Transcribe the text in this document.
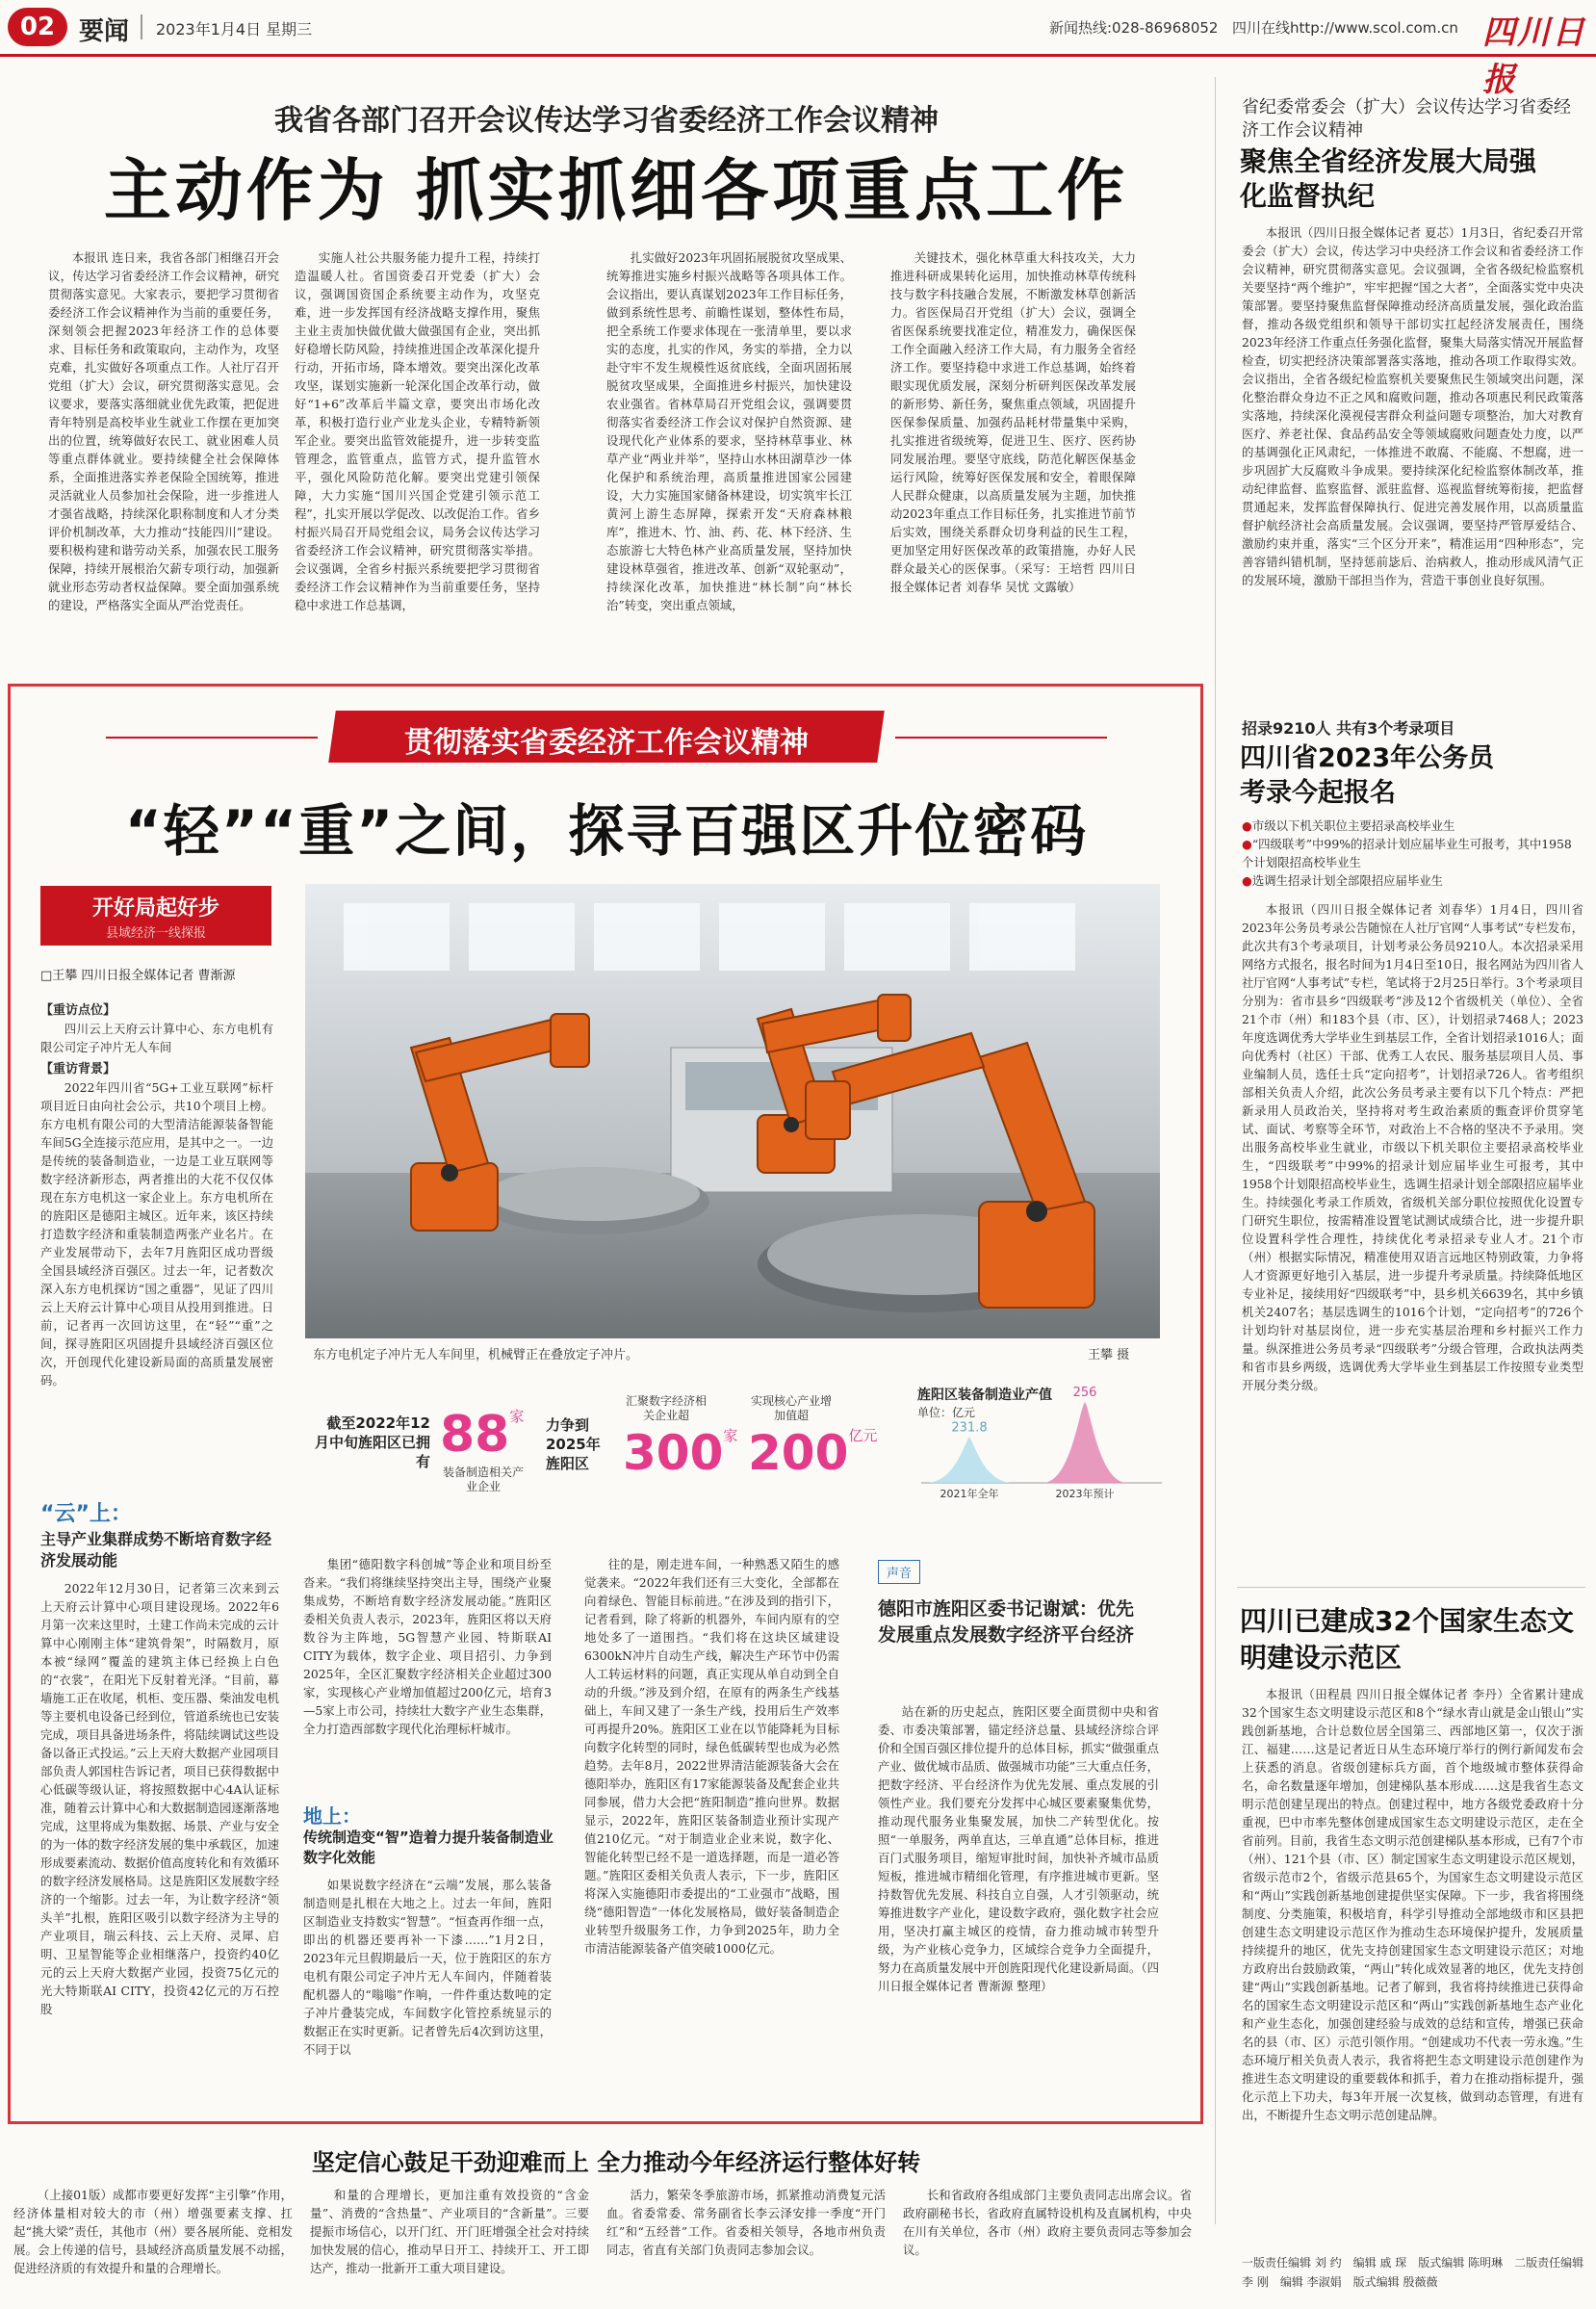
02 要闻 2023年1月4日 星期三	新闻热线:028-86968052 四川在线http://www.scol.com.cn 四川日报
我省各部门召开会议传达学习省委经济工作会议精神
主动作为 抓实抓细各项重点工作

本报讯 连日来，我省各部门相继召开会议，传达学习省委经济工作会议精神，研究贯彻落实意见。大家表示，要把学习贯彻省委经济工作会议精神作为当前的重要任务，深刻领会把握2023年经济工作的总体要求、目标任务和政策取向，主动作为，攻坚克难，扎实做好各项重点工作。人社厅召开党组（扩大）会议，研究贯彻落实意见。会议要求，要落实落细就业优先政策，把促进青年特别是高校毕业生就业工作摆在更加突出的位置，统筹做好农民工、就业困难人员等重点群体就业。要持续健全社会保障体系，全面推进落实养老保险全国统筹，推进灵活就业人员参加社会保险，进一步推进人才强省战略，持续深化职称制度和人才分类评价机制改革，大力推动“技能四川”建设。要积极构建和谐劳动关系，加强农民工服务保障，持续开展根治欠薪专项行动，加强新就业形态劳动者权益保障。要全面加强系统的建设，严格落实全面从严治党责任。

实施人社公共服务能力提升工程，持续打造温暖人社。省国资委召开党委（扩大）会议，强调国资国企系统要主动作为，攻坚克难，进一步发挥国有经济战略支撑作用，聚焦主业主责加快做优做大做强国有企业，突出抓好稳增长防风险，持续推进国企改革深化提升行动，开拓市场，降本增效。要突出深化改革攻坚，谋划实施新一轮深化国企改革行动，做好“1+6”改革后半篇文章，要突出市场化改革，积极打造行业产业龙头企业，专精特新领军企业。要突出监管效能提升，进一步转变监管理念，监管重点，监管方式，提升监管水平，强化风险防范化解。要突出党建引领保障，大力实施“国川兴国企党建引领示范工程”，扎实开展以学促改、以改促治工作。省乡村振兴局召开局党组会议，局务会议传达学习省委经济工作会议精神，研究贯彻落实举措。会议强调，全省乡村振兴系统要把学习贯彻省委经济工作会议精神作为当前重要任务，坚持稳中求进工作总基调，

扎实做好2023年巩固拓展脱贫攻坚成果、统筹推进实施乡村振兴战略等各项具体工作。会议指出，要认真谋划2023年工作目标任务，做到系统性思考、前瞻性谋划，整体性布局，把全系统工作要求体现在一张清单里，要以求实的态度，扎实的作风，务实的举措，全力以赴守牢不发生规模性返贫底线，全面巩固拓展脱贫攻坚成果，全面推进乡村振兴，加快建设农业强省。省林草局召开党组会议，强调要贯彻落实省委经济工作会议对保护自然资源、建设现代化产业体系的要求，坚持林草事业、林草产业“两业并举”，坚持山水林田湖草沙一体化保护和系统治理，高质量推进国家公园建设，大力实施国家储备林建设，切实筑牢长江黄河上游生态屏障，探索开发“天府森林粮库”，推进木、竹、油、药、花、林下经济、生态旅游七大特色林产业高质量发展，坚持加快建设林草强省，推进改革、创新“双轮驱动”，持续深化改革，加快推进“林长制”向“林长治”转变，突出重点领域，

关键技术，强化林草重大科技攻关，大力推进科研成果转化运用，加快推动林草传统科技与数字科技融合发展，不断激发林草创新活力。省医保局召开党组（扩大）会议，强调全省医保系统要找准定位，精准发力，确保医保工作全面融入经济工作大局，有力服务全省经济工作。要坚持稳中求进工作总基调，始终着眼实现优质发展，深刻分析研判医保改革发展的新形势、新任务，聚焦重点领域，巩固提升医保参保质量、加强药品耗材带量集中采购，扎实推进省级统筹，促进卫生、医疗、医药协同发展治理。要坚守底线，防范化解医保基金运行风险，统筹好医保发展和安全，着眼保障人民群众健康，以高质量发展为主题，加快推动2023年重点工作目标任务，扎实推进节前节后实效，围绕关系群众切身利益的民生工程，更加坚定用好医保改革的政策措施，办好人民群众最关心的医保事。（采写：王培哲 四川日报全媒体记者 刘春华 吴忧 文露敏）

省纪委常委会（扩大）会议传达学习省委经济工作会议精神
聚焦全省经济发展大局强化监督执纪

本报讯（四川日报全媒体记者 夏芯）1月3日，省纪委召开常委会（扩大）会议，传达学习中央经济工作会议和省委经济工作会议精神，研究贯彻落实意见。会议强调，全省各级纪检监察机关要坚持“两个维护”，牢牢把握“国之大者”，全面落实党中央决策部署。要坚持聚焦监督保障推动经济高质量发展，强化政治监督，推动各级党组织和领导干部切实扛起经济发展责任，围绕2023年经济工作重点任务强化监督，聚集大局落实情况开展监督检查，切实把经济决策部署落实落地，推动各项工作取得实效。会议指出，全省各级纪检监察机关要聚焦民生领域突出问题，深化整治群众身边不正之风和腐败问题，推动各项惠民利民政策落实落地，持续深化漠视侵害群众利益问题专项整治，加大对教育医疗、养老社保、食品药品安全等领域腐败问题查处力度，以严的基调强化正风肃纪，一体推进不敢腐、不能腐、不想腐，进一步巩固扩大反腐败斗争成果。要持续深化纪检监察体制改革，推动纪律监督、监察监督、派驻监督、巡视监督统筹衔接，把监督贯通起来，发挥监督保障执行、促进完善发展作用，以高质量监督护航经济社会高质量发展。会议强调，要坚持严管厚爱结合、激励约束并重，落实“三个区分开来”，精准运用“四种形态”，完善容错纠错机制，坚持惩前毖后、治病救人，推动形成风清气正的发展环境，激励干部担当作为，营造干事创业良好氛围。

贯彻落实省委经济工作会议精神
“轻”“重”之间，探寻百强区升位密码
开好局起好步
县域经济一线探报
□王攀 四川日报全媒体记者 曹渐源
【重访点位】

四川云上天府云计算中心、东方电机有限公司定子冲片无人车间

【重访背景】

2022年四川省“5G+工业互联网”标杆项目近日由向社会公示，共10个项目上榜。东方电机有限公司的大型清洁能源装备智能车间5G全连接示范应用，是其中之一。一边是传统的装备制造业，一边是工业互联网等数字经济新形态，两者推出的大花不仅仅体现在东方电机这一家企业上。东方电机所在的旌阳区是德阳主城区。近年来，该区持续打造数字经济和重装制造两张产业名片。在产业发展带动下，去年7月旌阳区成功晋级全国县域经济百强区。过去一年，记者数次深入东方电机探访“国之重器”，见证了四川云上天府云计算中心项目从投用到推进。日前，记者再一次回访这里，在“轻”“重”之间，探寻旌阳区巩固提升县域经济百强区位次，开创现代化建设新局面的高质量发展密码。

东方电机定子冲片无人车间里，机械臂正在叠放定子冲片。	王攀 摄
截至2022年12月中旬旌阳区已拥有 88家
装备制造相关产业企业
力争到2025年旌阳区
汇聚数字经济相关企业超
300家
实现核心产业增加值超
200亿元
旌阳区装备制造业产值
单位：亿元
231.8
2021年全年
256
2023年预计
“云”上：
主导产业集群成势不断培育数字经济发展动能

2022年12月30日，记者第三次来到云上天府云计算中心项目建设现场。2022年6月第一次来这里时，土建工作尚未完成的云计算中心刚刚主体“建筑骨架”，时隔数月，原本被“绿网”覆盖的建筑主体已经换上白色的“衣裳”，在阳光下反射着光泽。“目前，幕墙施工正在收尾，机柜、变压器、柴油发电机等主要机电设备已经到位，管道系统也已安装完成，项目具备进场条件，将陆续调试这些设备以备正式投运。”云上天府大数据产业园项目部负责人郭国柱告诉记者，项目已获得数据中心低碳等级认证，将按照数据中心4A认证标准，随着云计算中心和大数据制造园逐渐落地完成，这里将成为集数据、场景、产业与安全的为一体的数字经济发展的集中承载区，加速形成要素流动、数据价值高度转化和有效循环的数字经济发展格局。这是旌阳区发展数字经济的一个缩影。过去一年，为让数字经济“领头羊”扎根，旌阳区吸引以数字经济为主导的产业项目，瑞云科技、云上天府、灵犀、启明、卫星智能等企业相继落户，投资约40亿元的云上天府大数据产业园，投资75亿元的光大特斯联AI CITY，投资42亿元的万石控股

集团“德阳数字科创城”等企业和项目纷至沓来。“我们将继续坚持突出主导，围绕产业聚集成势，不断培育数字经济发展动能。”旌阳区委相关负责人表示，2023年，旌阳区将以天府数谷为主阵地，5G智慧产业园、特斯联AI CITY为载体，数字企业、项目招引、力争到2025年，全区汇聚数字经济相关企业超过300家，实现核心产业增加值超过200亿元，培育3—5家上市公司，持续壮大数字产业生态集群，全力打造西部数字现代化治理标杆城市。

地上：
传统制造变“智”造着力提升装备制造业数字化效能

如果说数字经济在“云端”发展，那么装备制造则是扎根在大地之上。过去一年间，旌阳区制造业支持数实“智慧”。“恒查再作细一点，即出的机器还要再补一下漆……”1月2日，2023年元旦假期最后一天，位于旌阳区的东方电机有限公司定子冲片无人车间内，伴随着装配机器人的“嗡嗡”作响，一件件重达数吨的定子冲片叠装完成，车间数字化管控系统显示的数据正在实时更新。记者曾先后4次到访这里，不同于以

往的是，刚走进车间，一种熟悉又陌生的感觉袭来。“2022年我们还有三大变化，全部都在向着绿色、智能目标前进。”在涉及到的指引下，记者看到，除了将新的机器外，车间内原有的空地处多了一道围挡。“我们将在这块区域建设6300kN冲片自动生产线，解决生产环节中仍需人工转运材料的问题，真正实现从单自动到全自动的升级。”涉及到介绍，在原有的两条生产线基础上，车间又建了一条生产线，投用后生产效率可再提升20%。旌阳区工业在以节能降耗为目标向数字化转型的同时，绿色低碳转型也成为必然趋势。去年8月，2022世界清洁能源装备大会在德阳举办，旌阳区有17家能源装备及配套企业共同参展，借力大会把“旌阳制造”推向世界。数据显示，2022年，旌阳区装备制造业预计实现产值210亿元。“对于制造业企业来说，数字化、智能化转型已经不是一道选择题，而是一道必答题。”旌阳区委相关负责人表示，下一步，旌阳区将深入实施德阳市委提出的“工业强市”战略，围绕“德阳智造”一体化发展格局，做好装备制造企业转型升级服务工作，力争到2025年，助力全市清洁能源装备产值突破1000亿元。

声音
德阳市旌阳区委书记谢斌：优先发展重点发展数字经济平台经济

站在新的历史起点，旌阳区要全面贯彻中央和省委、市委决策部署，锚定经济总量、县域经济综合评价和全国百强区排位提升的总体目标，抓实“做强重点产业、做优城市品质、做强城市功能”三大重点任务，把数字经济、平台经济作为优先发展、重点发展的引领性产业。我们要充分发挥中心城区要素聚集优势，推动现代服务业集聚发展，加快二产转型优化。按照“一单服务，两单直达，三单直通”总体目标，推进百门式服务项目，缩短审批时间，加快补齐城市品质短板，推进城市精细化管理，有序推进城市更新。坚持数智优先发展、科技自立自强，人才引领驱动，统筹推进数字产业化，建设数字政府，强化数字社会应用，坚决打赢主城区的疫情，奋力推动城市转型升级，为产业核心竞争力，区域综合竞争力全面提升，努力在高质量发展中开创旌阳现代化建设新局面。（四川日报全媒体记者 曹渐源 整理）

招录9210人 共有3个考录项目
四川省2023年公务员考录今起报名
●市级以下机关职位主要招录高校毕业生
●“四级联考”中99%的招录计划应届毕业生可报考，其中1958个计划限招高校毕业生
●选调生招录计划全部限招应届毕业生

本报讯（四川日报全媒体记者 刘春华）1月4日，四川省2023年公务员考录公告随惊在人社厅官网“人事考试”专栏发布，此次共有3个考录项目，计划考录公务员9210人。本次招录采用网络方式报名，报名时间为1月4日至10日，报名网站为四川省人社厅官网“人事考试”专栏，笔试将于2月25日举行。3个考录项目分别为：省市县乡“四级联考”涉及12个省级机关（单位）、全省21个市（州）和183个县（市、区），计划招录7468人；2023年度选调优秀大学毕业生到基层工作，全省计划招录1016人；面向优秀村（社区）干部、优秀工人农民、服务基层项目人员、事业编制人员，选任士兵“定向招考”，计划招录726人。省考组织部相关负责人介绍，此次公务员考录主要有以下几个特点：严把新录用人员政治关，坚持将对考生政治素质的甄查评价贯穿笔试、面试、考察等全环节，对政治上不合格的坚决不予录用。突出服务高校毕业生就业，市级以下机关职位主要招录高校毕业生，“四级联考”中99%的招录计划应届毕业生可报考，其中1958个计划限招高校毕业生，选调生招录计划全部限招应届毕业生。持续强化考录工作质效，省级机关部分职位按照优化设置专门研究生职位，按需精准设置笔试测试成绩合比，进一步提升职位设置科学性合理性，持续优化考录招录专业人才。21个市（州）根据实际情况，精准使用双语言远地区特别政策，力争将人才资源更好地引入基层，进一步提升考录质量。持续降低地区专业补足，接续用好“四级联考”中，县乡机关6639名，其中乡镇机关2407名；基层选调生的1016个计划，“定向招考”的726个计划均针对基层岗位，进一步充实基层治理和乡村振兴工作力量。纵深推进公务员考录“四级联考”分级合管理，合政执法两类和省市县乡两级，选调优秀大学毕业生到基层工作按照专业类型开展分类分级。

四川已建成32个国家生态文明建设示范区

本报讯（田程晨 四川日报全媒体记者 李丹）全省累计建成32个国家生态文明建设示范区和8个“绿水青山就是金山银山”实践创新基地，合计总数位居全国第三、西部地区第一，仅次于浙江、福建……这是记者近日从生态环境厅举行的例行新闻发布会上获悉的消息。省级创建标兵方面，首个地级城市整体获得命名，命名数量逐年增加，创建梯队基本形成……这是我省生态文明示范创建呈现出的特点。创建过程中，地方各级党委政府十分重视，巴中市率先整体创建成国家生态文明建设示范区，走在全省前列。目前，我省生态文明示范创建梯队基本形成，已有7个市（州）、121个县（市、区）制定国家生态文明建设示范区规划，省级示范市2个，省级示范县65个，为国家生态文明建设示范区和“两山”实践创新基地创建提供坚实保障。下一步，我省将围绕制度、分类施策，积极培育，科学引导推动全部地级市和区县把创建生态文明建设示范区作为推动生态环境保护提升，发展质量持续提升的地区，优先支持创建国家生态文明建设示范区；对地方政府出台鼓励政策，“两山”转化成效显著的地区，优先支持创建“两山”实践创新基地。记者了解到，我省将持续推进已获得命名的国家生态文明建设示范区和“两山”实践创新基地生态产业化和产业生态化，加强创建经验与成效的总结和宣传，增强已获命名的县（市、区）示范引领作用。“创建成功不代表一劳永逸。”生态环境厅相关负责人表示，我省将把生态文明建设示范创建作为推进生态文明建设的重要载体和抓手，着力在推动指标提升，强化示范上下功夫，每3年开展一次复核，做到动态管理，有进有出，不断提升生态文明示范创建品牌。

坚定信心鼓足干劲迎难而上 全力推动今年经济运行整体好转

（上接01版）成都市要更好发挥“主引擎”作用，经济体量相对较大的市（州）增强要素支撑、扛起“挑大梁”责任，其他市（州）要各展所能、竞相发展。会上传递的信号，县域经济高质量发展不动摇，促进经济质的有效提升和量的合理增长。

和量的合理增长，更加注重有效投资的“含金量”、消费的“含热量”、产业项目的“含新量”。三要提振市场信心，以开门红、开门旺增强全社会对持续加快发展的信心，推动早日开工、持续开工、开工即达产，推动一批新开工重大项目建设。

活力，繁荣冬季旅游市场，抓紧推动消费复元活血。省委常委、常务副省长李云泽安排一季度“开门红”和“五经普”工作。省委相关领导，各地市州负责同志，省直有关部门负责同志参加会议。

长和省政府各组成部门主要负责同志出席会议。省政府副秘书长，省政府直属特设机构及直属机构，中央在川有关单位，各市（州）政府主要负责同志等参加会议。

一版责任编辑 刘 约　编辑 戚 琛　版式编辑 陈明琳　二版责任编辑 李 刚　编辑 李淑娟　版式编辑 殷薇薇
